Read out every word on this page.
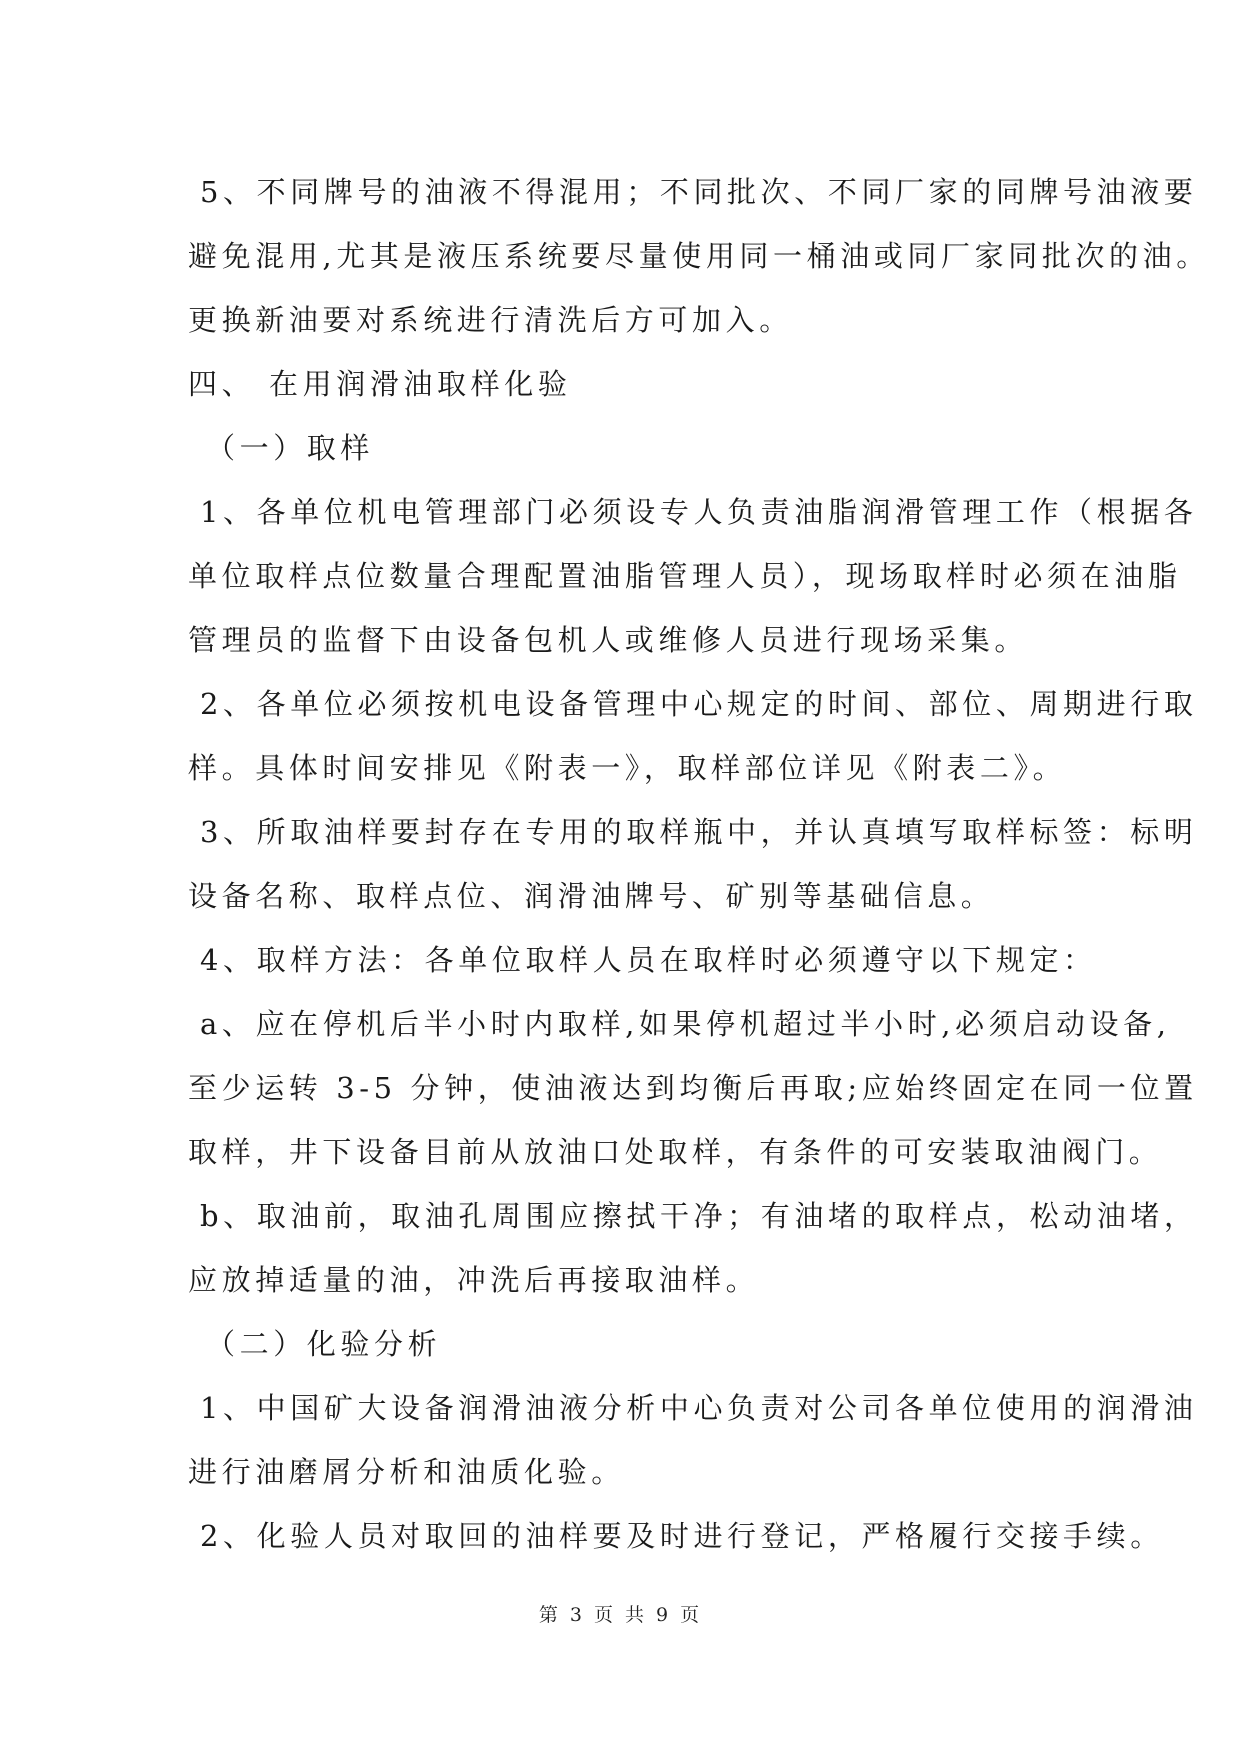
5、不同牌号的油液不得混用；不同批次、不同厂家的同牌号油液要
避免混用,尤其是液压系统要尽量使用同一桶油或同厂家同批次的油。
更换新油要对系统进行清洗后方可加入。
四、 在用润滑油取样化验
（一）取样
1、各单位机电管理部门必须设专人负责油脂润滑管理工作（根据各
单位取样点位数量合理配置油脂管理人员），现场取样时必须在油脂
管理员的监督下由设备包机人或维修人员进行现场采集。
2、各单位必须按机电设备管理中心规定的时间、部位、周期进行取
样。具体时间安排见《附表一》，取样部位详见《附表二》。
3、所取油样要封存在专用的取样瓶中，并认真填写取样标签：标明
设备名称、取样点位、润滑油牌号、矿别等基础信息。
4、取样方法：各单位取样人员在取样时必须遵守以下规定：
a、应在停机后半小时内取样,如果停机超过半小时,必须启动设备,
至少运转 3-5 分钟，使油液达到均衡后再取;应始终固定在同一位置
取样，井下设备目前从放油口处取样，有条件的可安装取油阀门。
b、取油前，取油孔周围应擦拭干净；有油堵的取样点，松动油堵，
应放掉适量的油，冲洗后再接取油样。
（二）化验分析
1、中国矿大设备润滑油液分析中心负责对公司各单位使用的润滑油
进行油磨屑分析和油质化验。
2、化验人员对取回的油样要及时进行登记，严格履行交接手续。
第 3 页 共 9 页
